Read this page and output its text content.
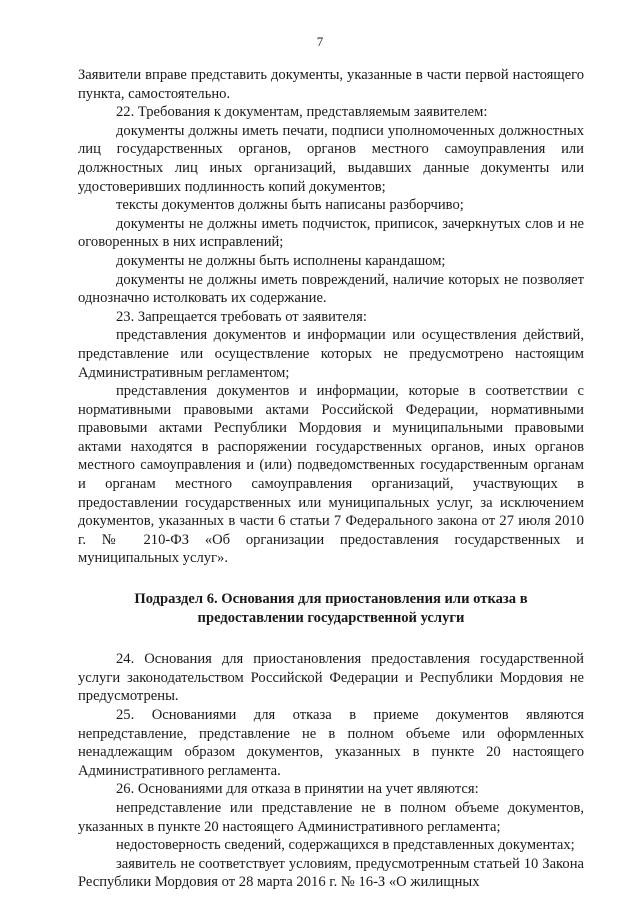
7

Заявители вправе представить документы, указанные в части первой настоящего пункта, самостоятельно.

22. Требования к документам, представляемым заявителем:

документы должны иметь печати, подписи уполномоченных должностных лиц государственных органов, органов местного самоуправления или должностных лиц иных организаций, выдавших данные документы или удостоверивших подлинность копий документов;

тексты документов должны быть написаны разборчиво;

документы не должны иметь подчисток, приписок, зачеркнутых слов и не оговоренных в них исправлений;

документы не должны быть исполнены карандашом;

документы не должны иметь повреждений, наличие которых не позволяет однозначно истолковать их содержание.

23. Запрещается требовать от заявителя:

представления документов и информации или осуществления действий, представление или осуществление которых не предусмотрено настоящим Административным регламентом;

представления документов и информации, которые в соответствии с нормативными правовыми актами Российской Федерации, нормативными правовыми актами Республики Мордовия и муниципальными правовыми актами находятся в распоряжении государственных органов, иных органов местного самоуправления и (или) подведомственных государственным органам и органам местного самоуправления организаций, участвующих в предоставлении государственных или муниципальных услуг, за исключением документов, указанных в части 6 статьи 7 Федерального закона от 27 июля 2010 г. № 210-ФЗ «Об организации предоставления государственных и муниципальных услуг».

Подраздел 6. Основания для приостановления или отказа в
предоставлении государственной услуги

24. Основания для приостановления предоставления государственной услуги законодательством Российской Федерации и Республики Мордовия не предусмотрены.

25. Основаниями для отказа в приеме документов являются непредставление, представление не в полном объеме или оформленных ненадлежащим образом документов, указанных в пункте 20 настоящего Административного регламента.

26. Основаниями для отказа в принятии на учет являются:

непредставление или представление не в полном объеме документов, указанных в пункте 20 настоящего Административного регламента;

недостоверность сведений, содержащихся в представленных документах;

заявитель не соответствует условиям, предусмотренным статьей 10 Закона Республики Мордовия от 28 марта 2016 г. № 16-З «О жилищных
